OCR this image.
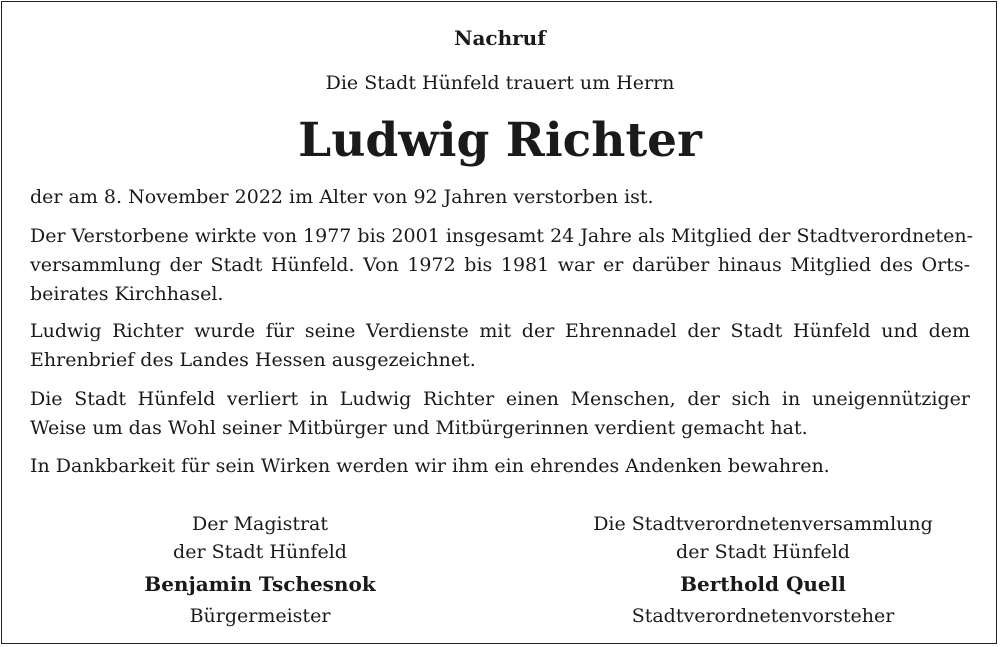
Nachruf
Die Stadt Hünfeld trauert um Herrn
Ludwig Richter
der am 8. November 2022 im Alter von 92 Jahren verstorben ist.
Der Verstorbene wirkte von 1977 bis 2001 insgesamt 24 Jahre als Mitglied der Stadtverordneten-
versammlung der Stadt Hünfeld. Von 1972 bis 1981 war er darüber hinaus Mitglied des Orts-
beirates Kirchhasel.
Ludwig Richter wurde für seine Verdienste mit der Ehrennadel der Stadt Hünfeld und dem
Ehrenbrief des Landes Hessen ausgezeichnet.
Die Stadt Hünfeld verliert in Ludwig Richter einen Menschen, der sich in uneigennütziger
Weise um das Wohl seiner Mitbürger und Mitbürgerinnen verdient gemacht hat.
In Dankbarkeit für sein Wirken werden wir ihm ein ehrendes Andenken bewahren.
Der Magistrat
der Stadt Hünfeld
Benjamin Tschesnok
Bürgermeister
Die Stadtverordnetenversammlung
der Stadt Hünfeld
Berthold Quell
Stadtverordnetenvorsteher
